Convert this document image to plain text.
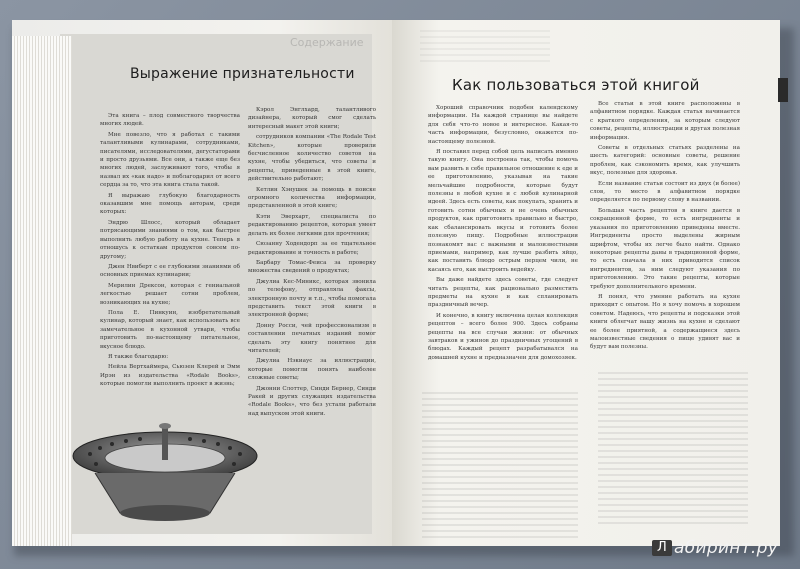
Содержание
Выражение признательности

Эта книга – плод совместного творчества многих людей.

Мне повезло, что я работал с такими талантливыми кулинарами, сотрудниками, писателями, исследователями, дегустаторами и просто друзьями. Все они, а также еще без многих людей, заслуживают того, чтобы я назвал их «как надо» и поблагодарил от всего сердца за то, что эта книга стала такой.

Я выражаю глубокую благодарность оказавшим мне помощь авторам, среди которых:

Эндрю Шлосс, который обладает потрясающими знаниями о том, как быстрее выполнить любую работу на кухне. Теперь я отношусь к остаткам продуктов совсем по-другому;

Джен Нвиберт с ее глубокими знаниями об основных приемах кулинарии;

Мерилин Дрексон, которая с гениальной легкостью решает сотни проблем, возникающих на кухне;

Пола Е. Пинкуин, изобретательный кулинар, который знает, как использовать все замечательное в кухонной утвари, чтобы приготовить по-настоящему питательное, вкусное блюдо.

Я также благодарю:

Нейла Вертхаймера, Сьюзен Клерей и Эмм Ирэн из издательства «Rodale Books», которые помогли выполнить проект в жизнь;

Кэрол Энглхард, талантливого дизайнера, который смог сделать интересный макет этой книги;

сотрудников компании «The Rodale Test Kitchen», которые проверили бесчисленное количество советов на кухне, чтобы убедиться, что советы и рецепты, приведенные в этой книге, действительно работают;

Кетлин Хэнушек за помощь в поиске огромного количества информации, представленной в этой книге;

Кэти Эверхарт, специалиста по редактированию рецептов, которая умеет делать их более легкими для прочтения;

Сюзанну Ходендорп за ее тщательное редактирование и точность в работе;

Барбару Томас-Феиса за проверку множества сведений о продуктах;

Джулиа Кес-Миникс, которая звонила по телефону, отправляла факсы, электронную почту и т.п., чтобы помогала представить текст этой книги в электронной форме;

Донну Росси, чей профессионализм в составлении печатных изданий помог сделать эту книгу понятнее для читателей;

Джулиа Нэкиаус за иллюстрации, которые помогли понять наиболее сложные советы;

Джонни Слоттер, Синди Бернер, Синди Ракей и других служащих издательства «Rodale Books», что без устали работали над выпуском этой книги.

Как пользоваться этой книгой

Хороший справочник подобен календскому информации. На каждой странице вы найдете для себя что-то новое и интересное. Какая-то часть информации, безусловно, окажется по-настоящему полезной.

Я поставил перед собой цель написать именно такую книгу. Она построена так, чтобы помочь вам развить в себе правильное отношение к еде и ее приготовлению, указывая на такие мельчайшие подробности, которые будут полезны в любой кухне и с любой кулинарной идеей. Здесь есть советы, как покупать, хранить и готовить сотни обычных и не очень обычных продуктов, как приготовить правильно и быстро, как сбалансировать вкусы и готовить более полезную пищу. Подробные иллюстрации познакомят вас с важными и малоизвестными приемами, например, как лучше разбить яйцо, как поставить блюдо острым перцем чили, не касаясь его, как выстроить ведейку.

Вы даже найдете здесь советы, где следует читать рецепты, как рационально разместить предметы на кухне и как спланировать праздничный вечер.

И конечно, в книгу включена целая коллекция рецептов – всего более 900. Здесь собраны рецепты на все случаи жизни: от обычных завтраков и ужинов до праздничных угощений в блюдах. Каждый рецепт разрабатывался на домашней кухне и предназначен для домохозяек.

Все статьи в этой книге расположены в алфавитном порядке. Каждая статья начинается с краткого определения, за которым следуют советы, рецепты, иллюстрации и другая полезная информация.

Советы в отдельных статьях разделены на шесть категорий: основные советы, решение проблем, как сэкономить время, как улучшить вкус, полезные для здоровья.

Если название статьи состоит из двух (и более) слов, то место в алфавитном порядке определяется по первому слову в названии.

Большая часть рецептов в книге дается в сокращенной форме, то есть ингредиенты и указания по приготовлению приведены вместе. Ингредиенты просто выделены жирным шрифтом, чтобы их легче было найти. Однако некоторые рецепты даны в традиционной форме, то есть сначала в них приводится список ингредиентов, за ним следуют указания по приготовлению. Это такие рецепты, которые требуют дополнительного времени.

Я понял, что умение работать на кухне приходит с опытом. Но я хочу помочь в хорошем советом. Надеюсь, что рецепты и подсказки этой книги облегчат вашу жизнь на кухне и сделают ее более приятной, а содержащиеся здесь малоизвестные сведения о пище удивят вас и будут вам полезны.

Л абиринт.ру
